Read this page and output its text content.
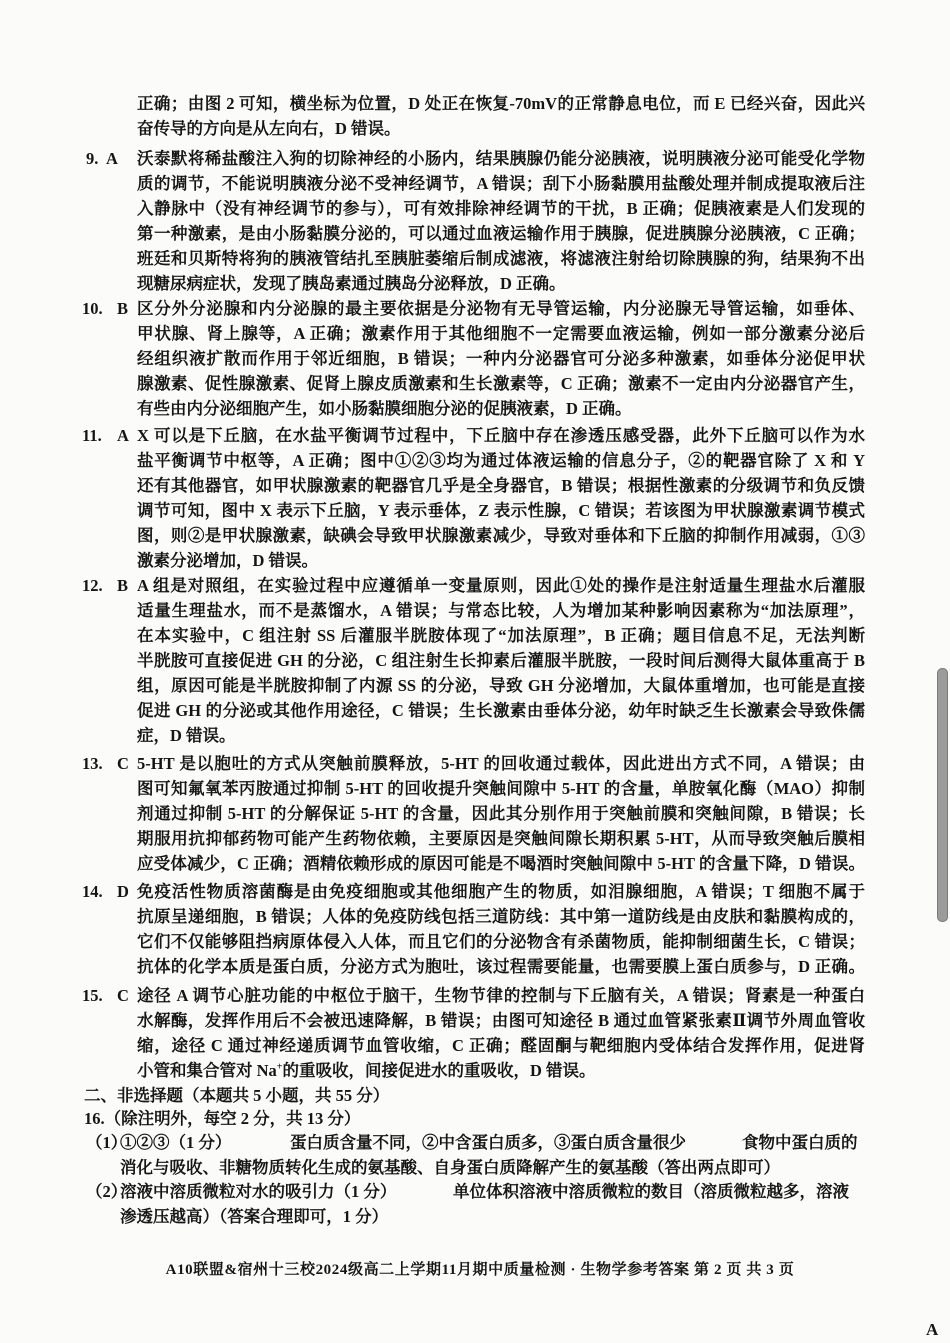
正确；由图 2 可知，横坐标为位置，D 处正在恢复-70mV的正常静息电位，而 E 已经兴奋，因此兴
奋传导的方向是从左向右，D 错误。
9. A 沃泰默将稀盐酸注入狗的切除神经的小肠内，结果胰腺仍能分泌胰液，说明胰液分泌可能受化学物
质的调节，不能说明胰液分泌不受神经调节，A 错误；刮下小肠黏膜用盐酸处理并制成提取液后注
入静脉中（没有神经调节的参与），可有效排除神经调节的干扰，B 正确；促胰液素是人们发现的
第一种激素，是由小肠黏膜分泌的，可以通过血液运输作用于胰腺，促进胰腺分泌胰液，C 正确；
班廷和贝斯特将狗的胰液管结扎至胰脏萎缩后制成滤液，将滤液注射给切除胰腺的狗，结果狗不出
现糖尿病症状，发现了胰岛素通过胰岛分泌释放，D 正确。
10. B 区分外分泌腺和内分泌腺的最主要依据是分泌物有无导管运输，内分泌腺无导管运输，如垂体、
甲状腺、肾上腺等，A 正确；激素作用于其他细胞不一定需要血液运输，例如一部分激素分泌后
经组织液扩散而作用于邻近细胞，B 错误；一种内分泌器官可分泌多种激素，如垂体分泌促甲状
腺激素、促性腺激素、促肾上腺皮质激素和生长激素等，C 正确；激素不一定由内分泌器官产生，
有些由内分泌细胞产生，如小肠黏膜细胞分泌的促胰液素，D 正确。
11. A X 可以是下丘脑，在水盐平衡调节过程中，下丘脑中存在渗透压感受器，此外下丘脑可以作为水
盐平衡调节中枢等，A 正确；图中①②③均为通过体液运输的信息分子，②的靶器官除了 X 和 Y
还有其他器官，如甲状腺激素的靶器官几乎是全身器官，B 错误；根据性激素的分级调节和负反馈
调节可知，图中 X 表示下丘脑，Y 表示垂体，Z 表示性腺，C 错误；若该图为甲状腺激素调节模式
图，则②是甲状腺激素，缺碘会导致甲状腺激素减少，导致对垂体和下丘脑的抑制作用减弱，①③
激素分泌增加，D 错误。
12. B A 组是对照组，在实验过程中应遵循单一变量原则，因此①处的操作是注射适量生理盐水后灌服
适量生理盐水，而不是蒸馏水，A 错误；与常态比较，人为增加某种影响因素称为“加法原理”，
在本实验中，C 组注射 SS 后灌服半胱胺体现了“加法原理”，B 正确；题目信息不足，无法判断
半胱胺可直接促进 GH 的分泌，C 组注射生长抑素后灌服半胱胺，一段时间后测得大鼠体重高于 B
组，原因可能是半胱胺抑制了内源 SS 的分泌，导致 GH 分泌增加，大鼠体重增加，也可能是直接
促进 GH 的分泌或其他作用途径，C 错误；生长激素由垂体分泌，幼年时缺乏生长激素会导致侏儒
症，D 错误。
13. C 5-HT 是以胞吐的方式从突触前膜释放，5-HT 的回收通过载体，因此进出方式不同，A 错误；由
图可知氟氧苯丙胺通过抑制 5-HT 的回收提升突触间隙中 5-HT 的含量，单胺氧化酶（MAO）抑制
剂通过抑制 5-HT 的分解保证 5-HT 的含量，因此其分别作用于突触前膜和突触间隙，B 错误；长
期服用抗抑郁药物可能产生药物依赖，主要原因是突触间隙长期积累 5-HT，从而导致突触后膜相
应受体减少，C 正确；酒精依赖形成的原因可能是不喝酒时突触间隙中 5-HT 的含量下降，D 错误。
14. D 免疫活性物质溶菌酶是由免疫细胞或其他细胞产生的物质，如泪腺细胞，A 错误；T 细胞不属于
抗原呈递细胞，B 错误；人体的免疫防线包括三道防线：其中第一道防线是由皮肤和黏膜构成的，
它们不仅能够阻挡病原体侵入人体，而且它们的分泌物含有杀菌物质，能抑制细菌生长，C 错误；
抗体的化学本质是蛋白质，分泌方式为胞吐，该过程需要能量，也需要膜上蛋白质参与，D 正确。
15. C 途径 A 调节心脏功能的中枢位于脑干，生物节律的控制与下丘脑有关，A 错误；肾素是一种蛋白
水解酶，发挥作用后不会被迅速降解，B 错误；由图可知途径 B 通过血管紧张素Ⅱ调节外周血管收
缩，途径 C 通过神经递质调节血管收缩，C 正确；醛固酮与靶细胞内受体结合发挥作用，促进肾
小管和集合管对 Na+的重吸收，间接促进水的重吸收，D 错误。
二、非选择题（本题共 5 小题，共 55 分）
16.（除注明外，每空 2 分，共 13 分）
（1）
①②③（1 分）	蛋白质含量不同，②中含蛋白质多，③蛋白质含量很少	食物中蛋白质的
消化与吸收、非糖物质转化生成的氨基酸、自身蛋白质降解产生的氨基酸（答出两点即可）
（2）
溶液中溶质微粒对水的吸引力（1 分）	单位体积溶液中溶质微粒的数目（溶质微粒越多，溶液
渗透压越高）（答案合理即可，1 分）
A10联盟&宿州十三校2024级高二上学期11月期中质量检测 · 生物学参考答案 第 2 页 共 3 页
A
